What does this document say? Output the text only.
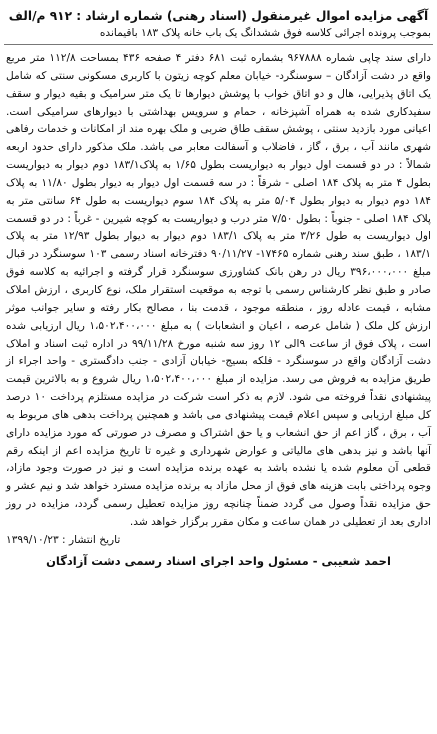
آگهی مزایده اموال غیرمنقول (اسناد رهنی) شماره ارشاد : ۹۱۲ م/الف

بموجب پرونده اجرائی کلاسه فوق ششدانگ یک باب خانه پلاک ۱۸۳ باقیمانده

دارای سند چاپی شماره ۹۶۷۸۸۸ بشماره ثبت ۶۸۱ دفتر ۴ صفحه ۴۳۶ بمساحت ۱۱۲/۸ متر مربع واقع در دشت آزادگان – سوسنگرد- خیابان معلم کوچه زیتون با کاربری مسکونی سنتی که شامل یک اتاق پذیرایی، هال و دو اتاق خواب با پوشش دیوارها تا یک متر سرامیک و بقیه دیوار و سقف سفیدکاری شده به همراه آشپزخانه ، حمام و سرویس بهداشتی با دیوارهای سرامیکی است. اعیانی مورد بازدید سنتی ، پوشش سقف طاق ضربی و ملک بهره مند از امکانات و خدمات رفاهی شهری مانند آب ، برق ، گاز ، فاضلاب و آسفالت معابر می باشد. ملک مذکور دارای حدود اربعه شمالاً : در دو قسمت اول دیوار به دیواریست بطول ۱/۶۵ به پلاک۱۸۳/۱ دوم دیوار به دیواریست بطول ۴ متر به پلاک ۱۸۴ اصلی - شرقاً : در سه قسمت اول دیوار به دیوار بطول ۱۱/۸۰ به پلاک ۱۸۴ دوم دیوار به دیوار بطول ۵/۰۴ متر به پلاک ۱۸۴ سوم دیواریست به طول ۶۴ سانتی متر به پلاک ۱۸۴ اصلی - جنوباً : بطول ۷/۵۰ متر درب و دیواریست به کوچه شیرین - غرباً : در دو قسمت اول دیواریست به طول ۳/۲۶ متر به پلاک ۱۸۳/۱ دوم دیوار به دیوار بطول ۱۲/۹۳ متر به پلاک ۱۸۳/۱ ، طبق سند رهنی شماره ۱۷۴۶۵- ۹۰/۱۱/۲۷ دفترخانه اسناد رسمی ۱۰۳ سوسنگرد در قبال مبلغ ۳۹۶،۰۰۰،۰۰۰ ریال در رهن بانک کشاورزی سوسنگرد قرار گرفته و اجرائیه به کلاسه فوق صادر و طبق نظر کارشناس رسمی با توجه به موقعیت استقرار ملک، نوع کاربری ، ارزش املاک مشابه ، قیمت عادله روز ، منطقه موجود ، قدمت بنا ، مصالح بکار رفته و سایر جوانب موثر ارزش کل ملک ( شامل عرصه ، اعیان و انشعابات ) به مبلغ ۱،۵۰۲،۴۰۰،۰۰۰ ریال ارزیابی شده است ، پلاک فوق از ساعت ۹الی ۱۲ روز سه شنبه مورخ ۹۹/۱۱/۲۸ در اداره ثبت اسناد و املاک دشت آزادگان واقع در سوسنگرد - فلکه بسیج- خیابان آزادی - جنب دادگستری - واحد اجراء از طریق مزایده به فروش می رسد. مزایده از مبلغ ۱،۵۰۲،۴۰۰،۰۰۰ ریال شروع و به بالاترین قیمت پیشنهادی نقداً فروخته می شود. لازم به ذکر است شرکت در مزایده مستلزم پرداخت ۱۰ درصد کل مبلغ ارزیابی و سپس اعلام قیمت پیشنهادی می باشد و همچنین پرداخت بدهی های مربوط به آب ، برق ، گاز اعم از حق انشعاب و یا حق اشتراک و مصرف در صورتی که مورد مزایده دارای آنها باشد و نیز بدهی های مالیاتی و عوارض شهرداری و غیره تا تاریخ مزایده اعم از اینکه رقم قطعی آن معلوم شده یا نشده باشد به عهده برنده مزایده است و نیز در صورت وجود مازاد، وجوه پرداختی بابت هزینه های فوق از محل مازاد به برنده مزایده مسترد خواهد شد و نیم عشر و حق مزایده نقداً وصول می گردد ضمناً چنانچه روز مزایده تعطیل رسمی گردد، مزایده در روز اداری بعد از تعطیلی در همان ساعت و مکان مقرر برگزار خواهد شد.

تاریخ انتشار : ۱۳۹۹/۱۰/۲۳
احمد شعیبی - مسئول واحد اجرای اسناد رسمی دشت آزادگان
